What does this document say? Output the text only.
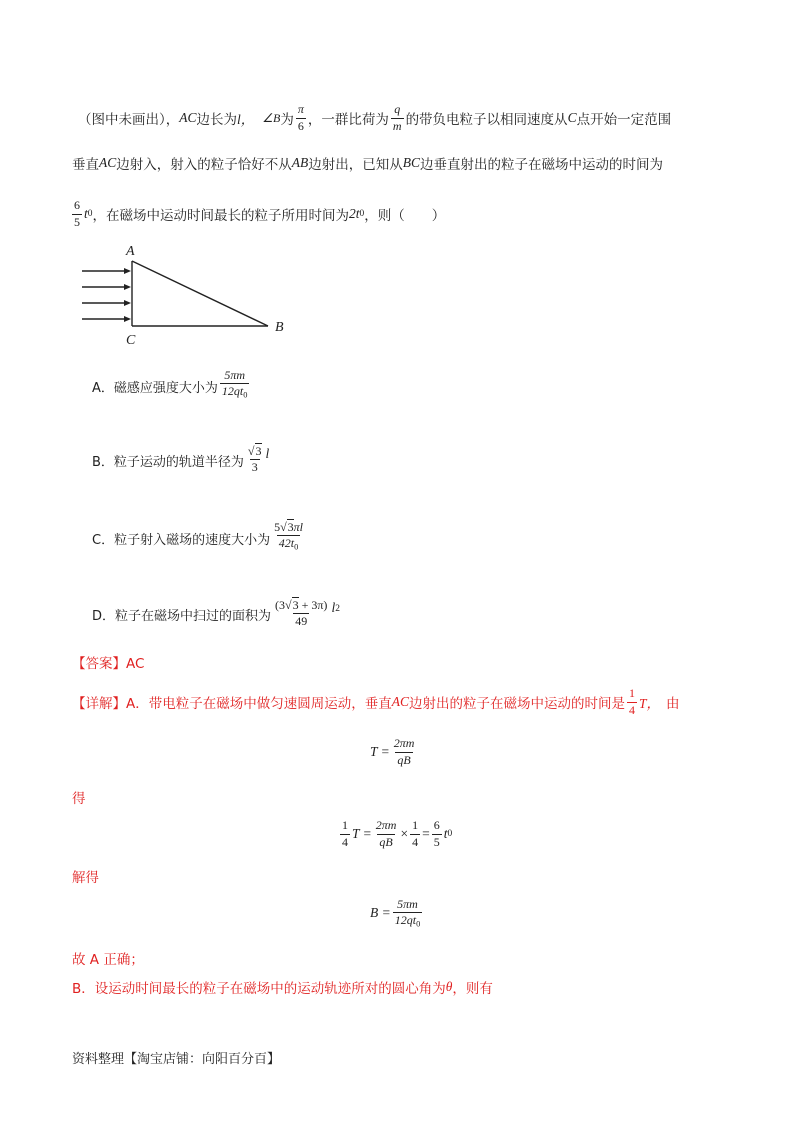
（图中未画出）， AC 边长为 l， ∠B 为 $\frac{\pi}{6}$ ，一群比荷为 $\frac{q}{m}$ 的带负电粒子以相同速度从 C 点开始一定范围
垂直 AC 边射入，射入的粒子恰好不从 AB 边射出，已知从 BC 边垂直射出的粒子在磁场中运动的时间为
$\frac{6}{5}$ t 0 ，在磁场中运动时间最长的粒子所用时间为 2t 0 ，则（　　）
A
B
C
A．磁感应强度大小为 $\frac{5\pi m}{12qt_0}$
B．粒子运动的轨道半径为 $\frac{√3}{3}$ l
C．粒子射入磁场的速度大小为 $\frac{5√3\pi l}{42t_0}$
D．粒子在磁场中扫过的面积为 $\frac{(3√3 + 3\pi)}{49}$ l 2
【答案】AC
【详解】 A．带电粒子在磁场中做匀速圆周运动，垂直 AC 边射出的粒子在磁场中运动的时间是 $\frac{1}{4}$ T， 由
$T = \frac{2\pi m}{qB}$
得
$\frac{1}{4}$ $T = \frac{2\pi m}{qB} \times \frac{1}{4} = \frac{6}{5}$ t 0
解得
$B = \frac{5\pi m}{12qt_0}$
故 A 正确；
B．设运动时间最长的粒子在磁场中的运动轨迹所对的圆心角为 θ ，则有
资料整理【淘宝店铺：向阳百分百】
